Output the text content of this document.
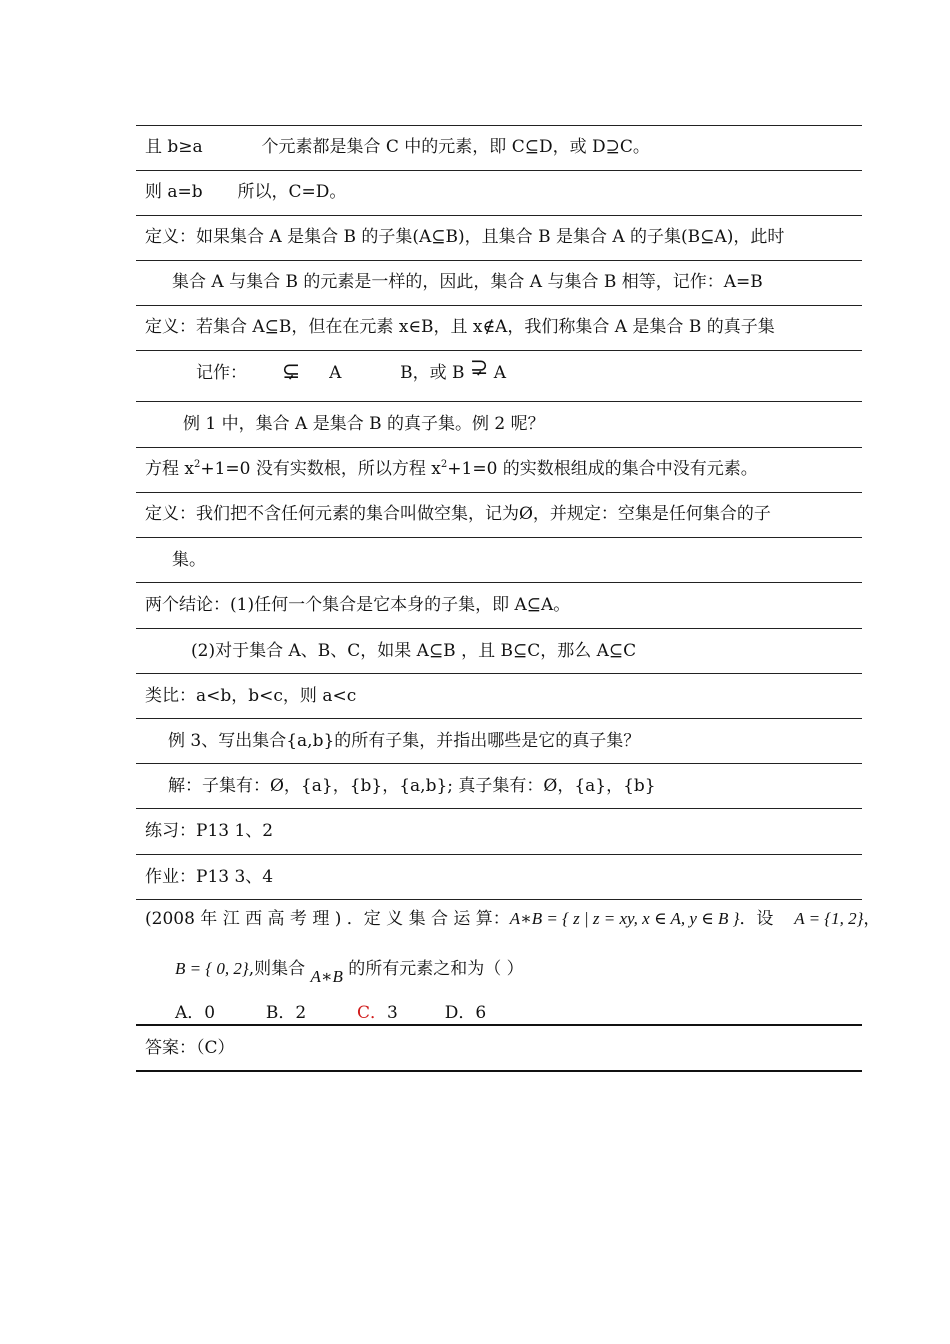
且 b≥a	个元素都是集合 C 中的元素，即 C⊆D，或 D⊇C。
则 a=b 所以，C=D。
定义：如果集合 A 是集合 B 的子集(A⊆B)，且集合 B 是集合 A 的子集(B⊆A)，此时
集合 A 与集合 B 的元素是一样的，因此，集合 A 与集合 B 相等，记作：A=B
定义：若集合 A⊆B，但在在元素 x∈B，且 x∉A，我们称集合 A 是集合 B 的真子集
记作： ⊊ A	B，或 B ⊋ A
例 1 中，集合 A 是集合 B 的真子集。例 2 呢？
方程 $x^2+1=0$ 没有实数根，所以方程 $x^2+1=0$ 的实数根组成的集合中没有元素。
定义：我们把不含任何元素的集合叫做空集，记为Ø，并规定：空集是任何集合的子
集。
两个结论：(1)任何一个集合是它本身的子集，即 A⊆A。
(2)对于集合 A、B、C，如果 A⊆B ，且 B⊆C，那么 A⊆C
类比：a<b，b<c，则 a<c
例 3、写出集合{a,b}的所有子集，并指出哪些是它的真子集？
解：子集有：Ø，{a}，{b}，{a,b}; 真子集有：Ø，{a}，{b}
练习：P13 1、2
作业：P13 3、4
(2008 年 江 西 高 考 理 ) ．定 义 集 合 运 算：A∗B = { z | z = xy, x ∈ A, y ∈ B }．设 A = {1, 2}，
B = { 0, 2},则集合 A∗B 的所有元素之和为（ ）
A．0	B．2	C．3	D．6
答案：（C）
